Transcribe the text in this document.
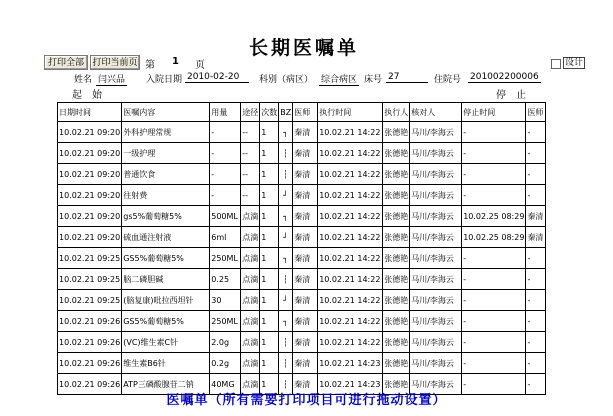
打印全部 打印当前页 第 1 页	设计
长期医嘱单
姓名 闫兴品 入院日期 2010-02-20	科别（病区） 综合病区 床号 27	住院号 201002200006
起　始	停　止
日期时间	医嘱内容	用量	途径	次数	BZ	医师	执行时间	执行人	核对人	停止时间	医师
10.02.21 09:20	外科护理常规	-	--	1	┐	秦清	10.02.21 14:22	张德艳	马川/李海云	-	-
10.02.21 09:20	一级护理	-	--	1	┆	秦清	10.02.21 14:22	张德艳	马川/李海云	-	-
10.02.21 09:20	普通饮食	-	--	1	┆	秦清	10.02.21 14:22	张德艳	马川/李海云	-	-
10.02.21 09:20	往射费	-	--	1	┘	秦清	10.02.21 14:22	张德艳	马川/李海云	-	-
10.02.21 09:20	gs5%葡萄糖5%	500ML	点滴	1	┐	秦清	10.02.21 14:22	张德艳	马川/李海云	10.02.25 08:29	秦清
10.02.21 09:20	硫血通注射液	6ml	点滴	1	┘	秦清	10.02.21 14:22	张德艳	马川/李海云	10.02.25 08:29	秦清
10.02.21 09:25	GS5%葡萄糖5%	250ML	点滴	1	┐	秦清	10.02.21 14:22	张德艳	马川/李海云	-	-
10.02.21 09:25	脑二磷胆碱	0.25	点滴	1	┆	秦清	10.02.21 14:22	张德艳	马川/李海云	-	-
10.02.21 09:25	(脑复康)吡拉西坦针	30	点滴	1	┘	秦清	10.02.21 14:22	张德艳	马川/李海云	-	-
10.02.21 09:26	GS5%葡萄糖5%	250ML	点滴	1	┐	秦清	10.02.21 14:22	张德艳	马川/李海云	-	-
10.02.21 09:26	(VC)维生素C针	2.0g	点滴	1	┆	秦清	10.02.21 14:22	张德艳	马川/李海云	-	-
10.02.21 09:26	维生素B6针	0.2g	点滴	1	┆	秦清	10.02.21 14:23	张德艳	马川/李海云	-	-
10.02.21 09:26	ATP三磷酸腺苷二钠	40MG	点滴	1	┆	秦清	10.02.21 14:23	张德艳	马川/李海云	-	-
医嘱单（所有需要打印项目可进行拖动设置）
